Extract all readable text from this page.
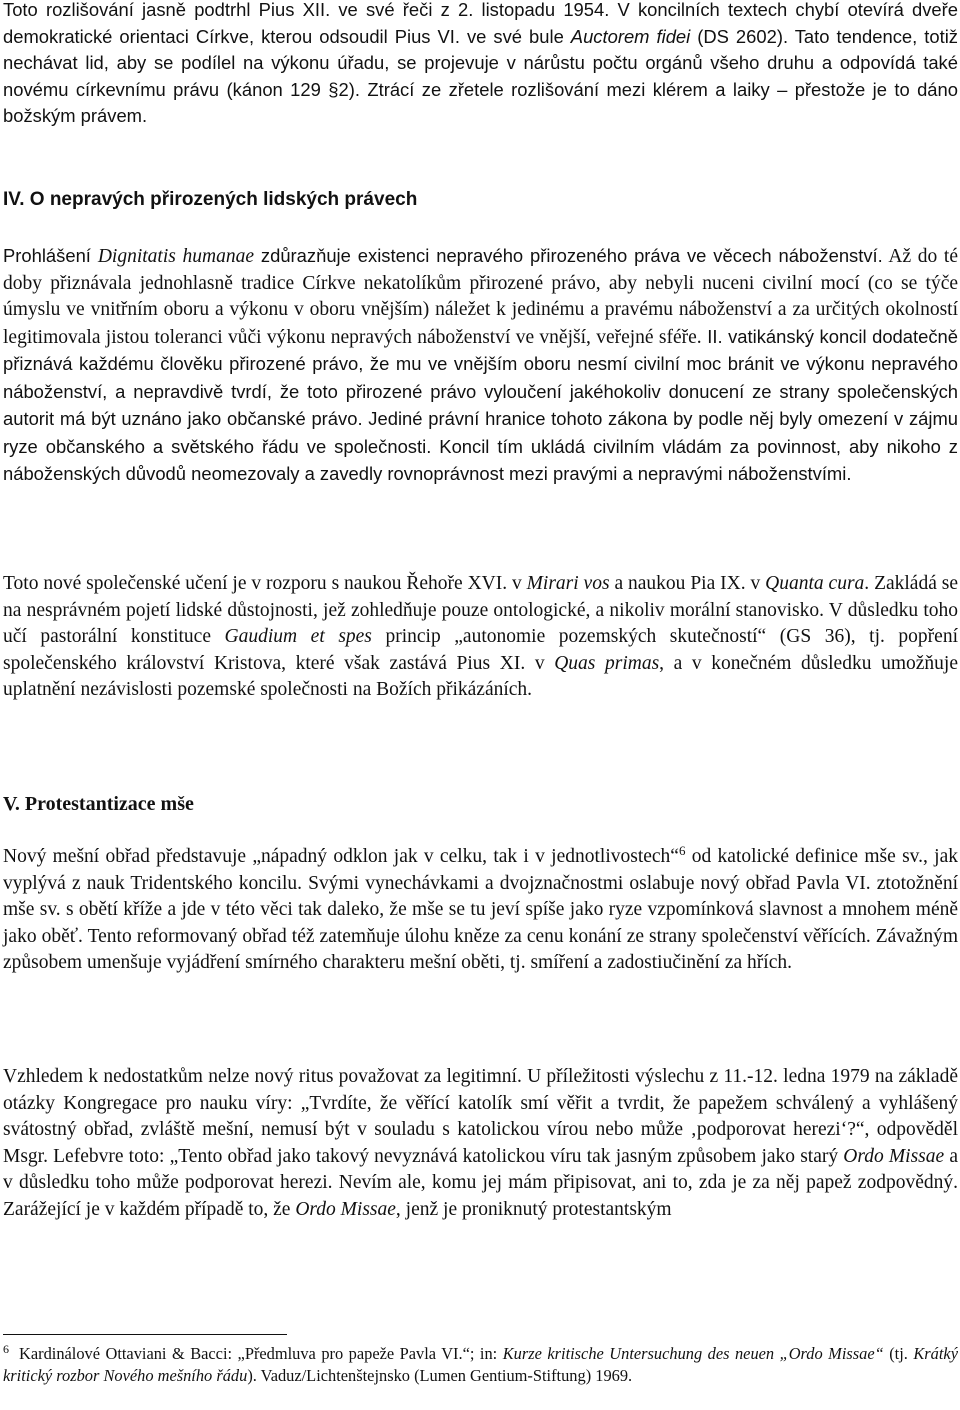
Toto rozlišování jasně podtrhl Pius XII. ve své řeči z 2. listopadu 1954. V koncilních textech chybí otevírá dveře demokratické orientaci Církve, kterou odsoudil Pius VI. ve své bule Auctorem fidei (DS 2602). Tato tendence, totiž nechávat lid, aby se podílel na výkonu úřadu, se projevuje v nárůstu počtu orgánů všeho druhu a odpovídá také novému církevnímu právu (kánon 129 §2). Ztrácí ze zřetele rozlišování mezi klérem a laiky – přestože je to dáno božským právem.

IV. O nepravých přirozených lidských právech

Prohlášení Dignitatis humanae zdůrazňuje existenci nepravého přirozeného práva ve věcech náboženství. Až do té doby přiznávala jednohlasně tradice Církve nekatolíkům přirozené právo, aby nebyli nuceni civilní mocí (co se týče úmyslu ve vnitřním oboru a výkonu v oboru vnějším) náležet k jedinému a pravému náboženství a za určitých okolností legitimovala jistou toleranci vůči výkonu nepravých náboženství ve vnější, veřejné sféře. II. vatikánský koncil dodatečně přiznává každému člověku přirozené právo, že mu ve vnějším oboru nesmí civilní moc bránit ve výkonu nepravého náboženství, a nepravdivě tvrdí, že toto přirozené právo vyloučení jakéhokoliv donucení ze strany společenských autorit má být uznáno jako občanské právo. Jediné právní hranice tohoto zákona by podle něj byly omezení v zájmu ryze občanského a světského řádu ve společnosti. Koncil tím ukládá civilním vládám za povinnost, aby nikoho z náboženských důvodů neomezovaly a zavedly rovnoprávnost mezi pravými a nepravými náboženstvími.

Toto nové společenské učení je v rozporu s naukou Řehoře XVI. v Mirari vos a naukou Pia IX. v Quanta cura. Zakládá se na nesprávném pojetí lidské důstojnosti, jež zohledňuje pouze ontologické, a nikoliv morální stanovisko. V důsledku toho učí pastorální konstituce Gaudium et spes princip „autonomie pozemských skutečností“ (GS 36), tj. popření společenského království Kristova, které však zastává Pius XI. v Quas primas, a v konečném důsledku umožňuje uplatnění nezávislosti pozemské společnosti na Božích přikázáních.

V. Protestantizace mše

Nový mešní obřad představuje „nápadný odklon jak v celku, tak i v jednotlivostech“$^6$ od katolické definice mše sv., jak vyplývá z nauk Tridentského koncilu. Svými vynechávkami a dvojznačnostmi oslabuje nový obřad Pavla VI. ztotožnění mše sv. s obětí kříže a jde v této věci tak daleko, že mše se tu jeví spíše jako ryze vzpomínková slavnost a mnohem méně jako oběť. Tento reformovaný obřad též zatemňuje úlohu kněze za cenu konání ze strany společenství věřících. Závažným způsobem umenšuje vyjádření smírného charakteru mešní oběti, tj. smíření a zadostiučinění za hřích.

Vzhledem k nedostatkům nelze nový ritus považovat za legitimní. U příležitosti výslechu z 11.-12. ledna 1979 na základě otázky Kongregace pro nauku víry: „Tvrdíte, že věřící katolík smí věřit a tvrdit, že papežem schválený a vyhlášený svátostný obřad, zvláště mešní, nemusí být v souladu s katolickou vírou nebo může ‚podporovat herezi‘?“, odpověděl Msgr. Lefebvre toto: „Tento obřad jako takový nevyznává katolickou víru tak jasným způsobem jako starý Ordo Missae a v důsledku toho může podporovat herezi. Nevím ale, komu jej mám připisovat, ani to, zda je za něj papež zodpovědný. Zarážející je v každém případě to, že Ordo Missae, jenž je proniknutý protestantským

$^6$ Kardinálové Ottaviani & Bacci: „Předmluva pro papeže Pavla VI.“; in: Kurze kritische Untersuchung des neuen „Ordo Missae“ (tj. Krátký kritický rozbor Nového mešního řádu). Vaduz/Lichtenštejnsko (Lumen Gentium-Stiftung) 1969.
